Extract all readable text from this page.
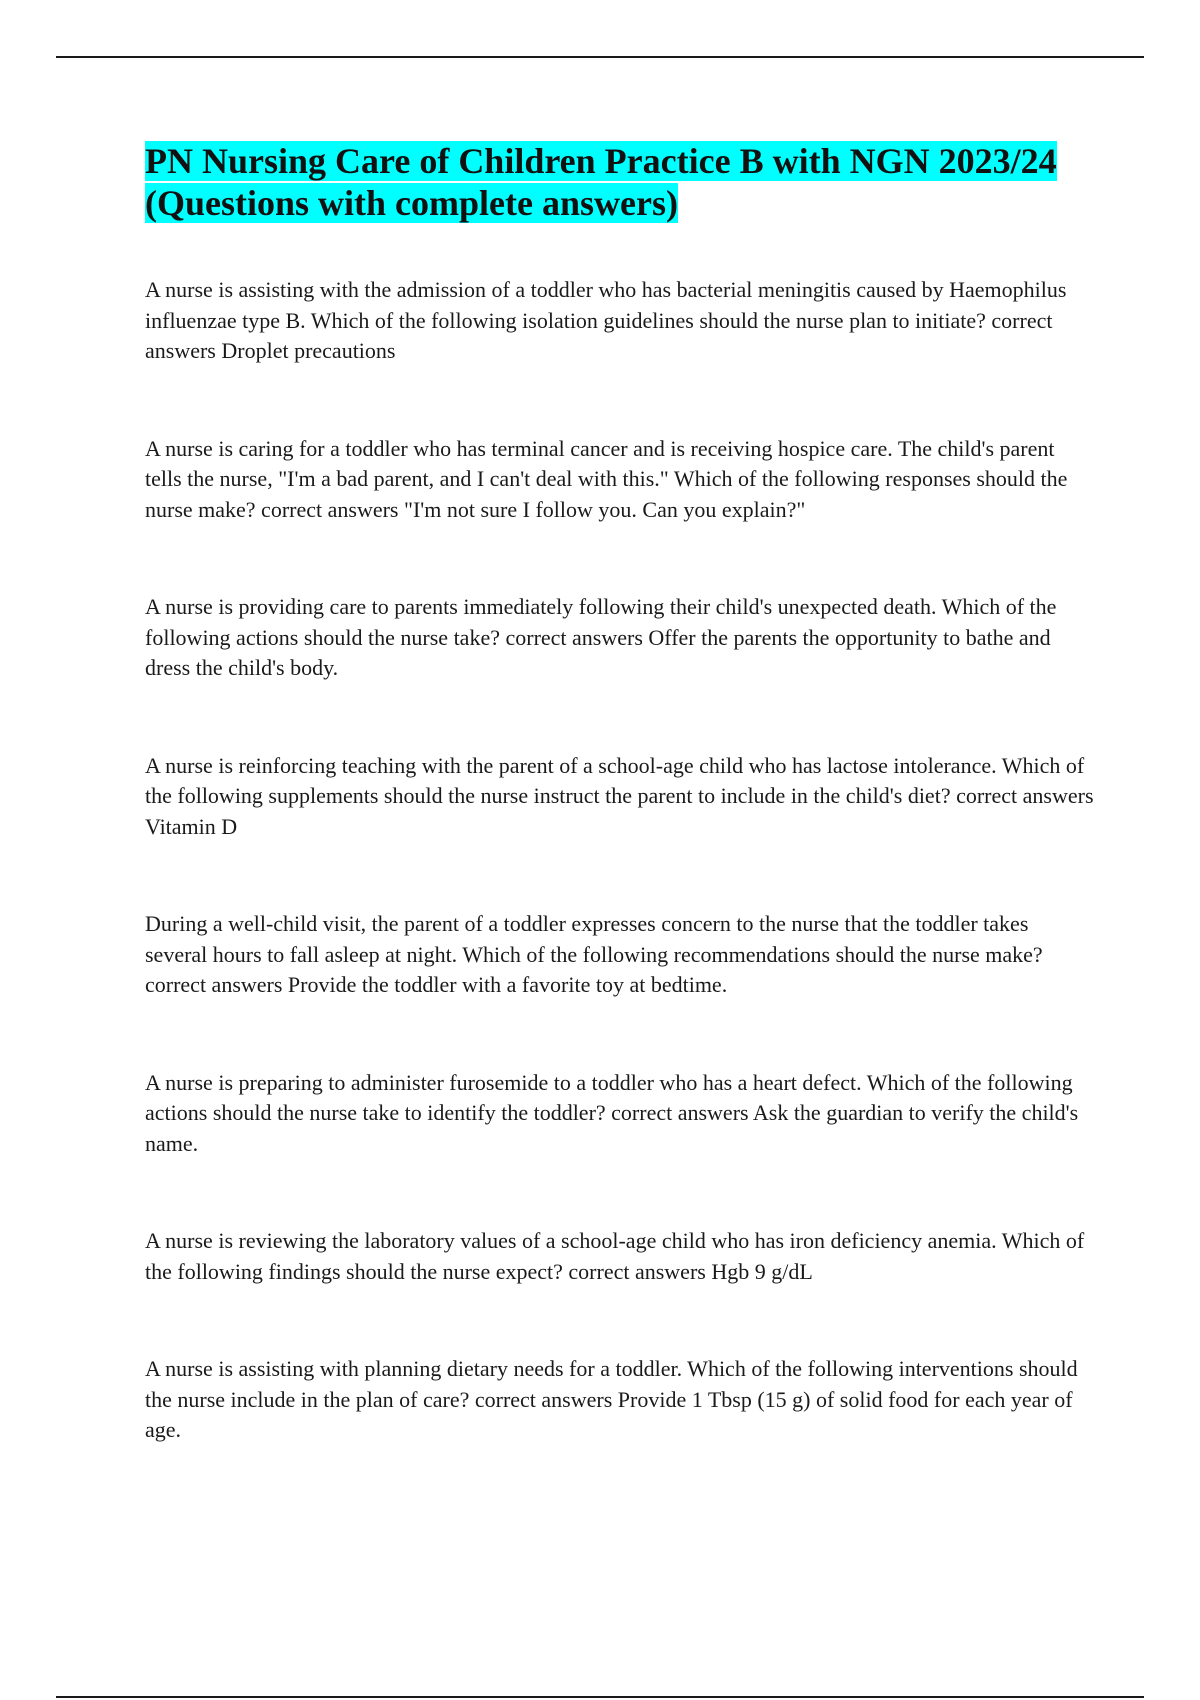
PN Nursing Care of Children Practice B with NGN 2023/24 (Questions with complete answers)

A nurse is assisting with the admission of a toddler who has bacterial meningitis caused by Haemophilus influenzae type B. Which of the following isolation guidelines should the nurse plan to initiate? correct answers Droplet precautions

A nurse is caring for a toddler who has terminal cancer and is receiving hospice care. The child's parent tells the nurse, "I'm a bad parent, and I can't deal with this." Which of the following responses should the nurse make? correct answers "I'm not sure I follow you. Can you explain?"

A nurse is providing care to parents immediately following their child's unexpected death. Which of the following actions should the nurse take? correct answers Offer the parents the opportunity to bathe and dress the child's body.

A nurse is reinforcing teaching with the parent of a school-age child who has lactose intolerance. Which of the following supplements should the nurse instruct the parent to include in the child's diet? correct answers Vitamin D

During a well-child visit, the parent of a toddler expresses concern to the nurse that the toddler takes several hours to fall asleep at night. Which of the following recommendations should the nurse make? correct answers Provide the toddler with a favorite toy at bedtime.

A nurse is preparing to administer furosemide to a toddler who has a heart defect. Which of the following actions should the nurse take to identify the toddler? correct answers Ask the guardian to verify the child's name.

A nurse is reviewing the laboratory values of a school-age child who has iron deficiency anemia. Which of the following findings should the nurse expect? correct answers Hgb 9 g/dL

A nurse is assisting with planning dietary needs for a toddler. Which of the following interventions should the nurse include in the plan of care? correct answers Provide 1 Tbsp (15 g) of solid food for each year of age.
